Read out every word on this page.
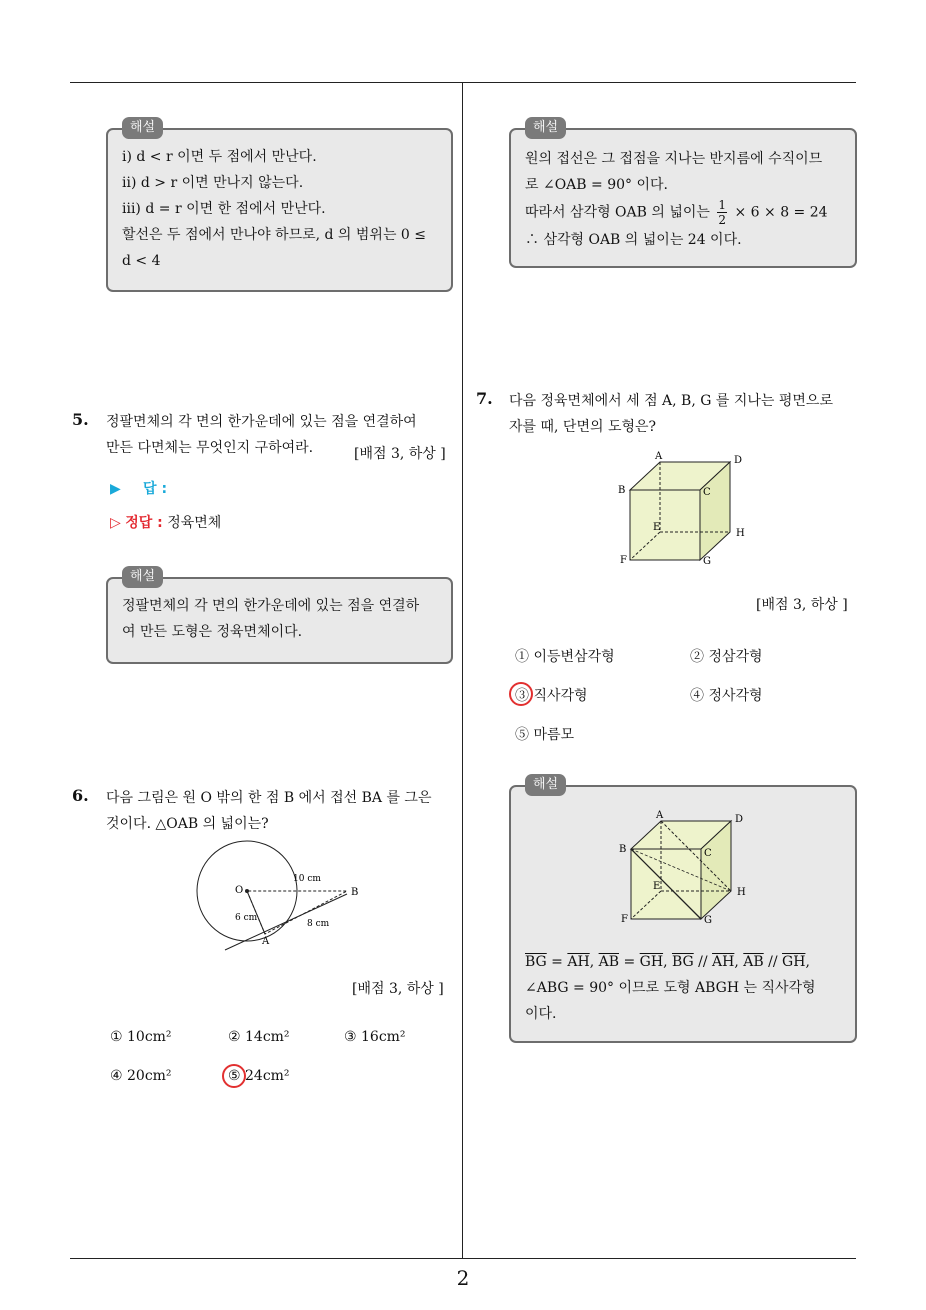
해설
ⅰ) d < r 이면 두 점에서 만난다.
ⅱ) d > r 이면 만나지 않는다.
ⅲ) d = r 이면 한 점에서 만난다.
할선은 두 점에서 만나야 하므로, d 의 범위는 0 ≤
d < 4
5. 정팔면체의 각 면의 한가운데에 있는 점을 연결하여
만든 다면체는 무엇인지 구하여라.	[배점 3, 하상 ]
▶ 답 :
▷ 정답 : 정육면체
해설
정팔면체의 각 면의 한가운데에 있는 점을 연결하
여 만든 도형은 정육면체이다.
6. 다음 그림은 원 O 밖의 한 점 B 에서 접선 BA 를 그은
것이다. △OAB 의 넓이는?
O	B
A
10 cm
6 cm
8 cm
[배점 3, 하상 ]
① 10cm²	② 14cm²	③ 16cm²
④ 20cm²	⑤ 24cm²
해설
원의 접선은 그 접점을 지나는 반지름에 수직이므
로 ∠OAB = 90° 이다.
따라서 삼각형 OAB 의 넓이는 $\frac{1}{2} \times 6 \times 8 = 24$
∴ 삼각형 OAB 의 넓이는 24 이다.
7. 다음 정육면체에서 세 점 A, B, G 를 지나는 평면으로
자를 때, 단면의 도형은?
A	D
B	C
E
H
F	G
[배점 3, 하상 ]
① 이등변삼각형	② 정삼각형
③ 직사각형	④ 정사각형
⑤ 마름모
해설
A	D
B	C
E
H
F	G
$\overline{BG} = \overline{AH}$, $\overline{AB} = \overline{GH}$, $\overline{BG} // \overline{AH}$, $\overline{AB} // \overline{GH}$,
∠ABG = 90° 이므로 도형 ABGH 는 직사각형
이다.
2
